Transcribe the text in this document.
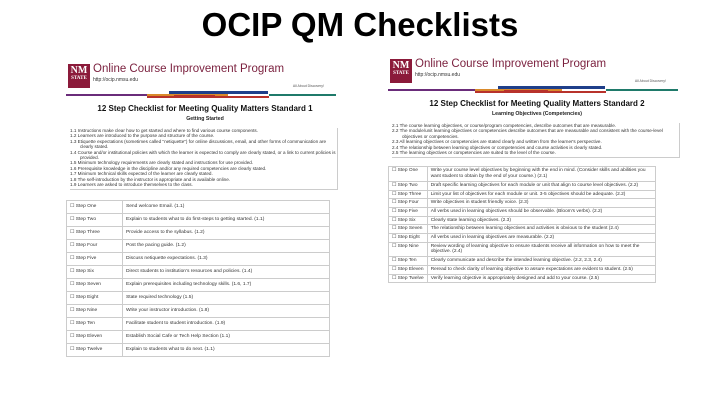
OCIP QM Checklists
NM
STATE
Online Course Improvement Program
http://ocip.nmsu.edu
All About Discovery!
12 Step Checklist for Meeting Quality Matters Standard 1
Getting Started
1.1 Instructions make clear how to get started and where to find various course components.
1.2 Learners are introduced to the purpose and structure of the course.
1.3 Etiquette expectations (sometimes called "netiquette") for online discussions, email, and other forms of communication are clearly stated.
1.4 Course and/or institutional policies with which the learner is expected to comply are clearly stated, or a link to current policies is provided.
1.5 Minimum technology requirements are clearly stated and instructions for use provided.
1.6 Prerequisite knowledge in the discipline and/or any required competencies are clearly stated.
1.7 Minimum technical skills expected of the learner are clearly stated.
1.8 The self-introduction by the instructor is appropriate and is available online.
1.9 Learners are asked to introduce themselves to the class.
☐ Step One	Send welcome Email. (1.1)
☐ Step Two	Explain to students what to do first-steps to getting started. (1.1)
☐ Step Three	Provide access to the syllabus. (1.2)
☐ Step Four	Post the pacing guide. (1.2)
☐ Step Five	Discuss netiquette expectations. (1.3)
☐ Step Six	Direct students to institution's resources and policies. (1.4)
☐ Step Seven	Explain prerequisites including technology skills. (1.6, 1.7)
☐ Step Eight	State required technology (1.5)
☐ Step Nine	Write your instructor introduction. (1.8)
☐ Step Ten	Facilitate student to student introduction. (1.9)
☐ Step Eleven	Establish Social Cafe or Tech Help Section (1.1)
☐ Step Twelve	Explain to students what to do next. (1.1)
NM
STATE
Online Course Improvement Program
http://ocip.nmsu.edu
All About Discovery!
12 Step Checklist for Meeting Quality Matters Standard 2
Learning Objectives (Competencies)
2.1 The course learning objectives, or course/program competencies, describe outcomes that are measurable.
2.2 The module/unit learning objectives or competencies describe outcomes that are measurable and consistent with the course-level objectives or competencies.
2.3 All learning objectives or competencies are stated clearly and written from the learner's perspective.
2.4 The relationship between learning objectives or competencies and course activities is clearly stated.
2.5 The learning objectives or competencies are suited to the level of the course.
☐ Step One	Write your course level objectives by beginning with the end in mind. (Consider skills and abilities you want student to obtain by the end of your course.) (2.1)
☐ Step Two	Draft specific learning objectives for each module or unit that align to course level objectives. (2.2)
☐ Step Three	Limit your list of objectives for each module or unit. 3-5 objectives should be adequate. (2.2)
☐ Step Four	Write objectives in student friendly voice. (2.3)
☐ Step Five	All verbs used in learning objectives should be observable. (Bloom's verbs). (2.2)
☐ Step Six	Clearly state learning objectives. (2.3)
☐ Step Seven	The relationship between learning objectives and activities is obvious to the student (2.4)
☐ Step Eight	All verbs used in learning objectives are measurable. (2.2)
☐ Step Nine	Review wording of learning objective to ensure students receive all information on how to meet the objective. (2.4)
☐ Step Ten	Clearly communicate and describe the intended learning objective. (2.2, 2.3, 2.4)
☐ Step Eleven	Reread to check clarity of learning objective to assure expectations are evident to student. (2.5)
☐ Step Twelve	Verify learning objective is appropriately designed and add to your course. (2.5)
